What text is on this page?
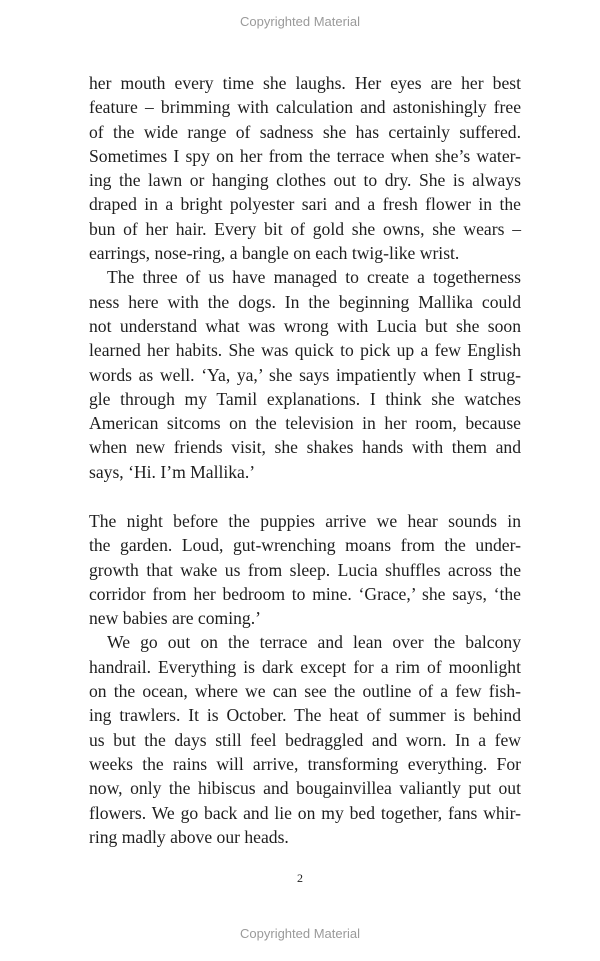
Copyrighted Material
her mouth every time she laughs. Her eyes are her best
feature – brimming with calculation and astonishingly free
of the wide range of sadness she has certainly suffered.
Sometimes I spy on her from the terrace when she’s water-
ing the lawn or hanging clothes out to dry. She is always
draped in a bright polyester sari and a fresh flower in the
bun of her hair. Every bit of gold she owns, she wears –
earrings, nose-ring, a bangle on each twig-like wrist.
The three of us have managed to create a togetherness
ness here with the dogs. In the beginning Mallika could
not understand what was wrong with Lucia but she soon
learned her habits. She was quick to pick up a few English
words as well. ‘Ya, ya,’ she says impatiently when I strug-
gle through my Tamil explanations. I think she watches
American sitcoms on the television in her room, because
when new friends visit, she shakes hands with them and
says, ‘Hi. I’m Mallika.’
The night before the puppies arrive we hear sounds in
the garden. Loud, gut-wrenching moans from the under-
growth that wake us from sleep. Lucia shuffles across the
corridor from her bedroom to mine. ‘Grace,’ she says, ‘the
new babies are coming.’
We go out on the terrace and lean over the balcony
handrail. Everything is dark except for a rim of moonlight
on the ocean, where we can see the outline of a few fish-
ing trawlers. It is October. The heat of summer is behind
us but the days still feel bedraggled and worn. In a few
weeks the rains will arrive, transforming everything. For
now, only the hibiscus and bougainvillea valiantly put out
flowers. We go back and lie on my bed together, fans whir-
ring madly above our heads.
2
Copyrighted Material
